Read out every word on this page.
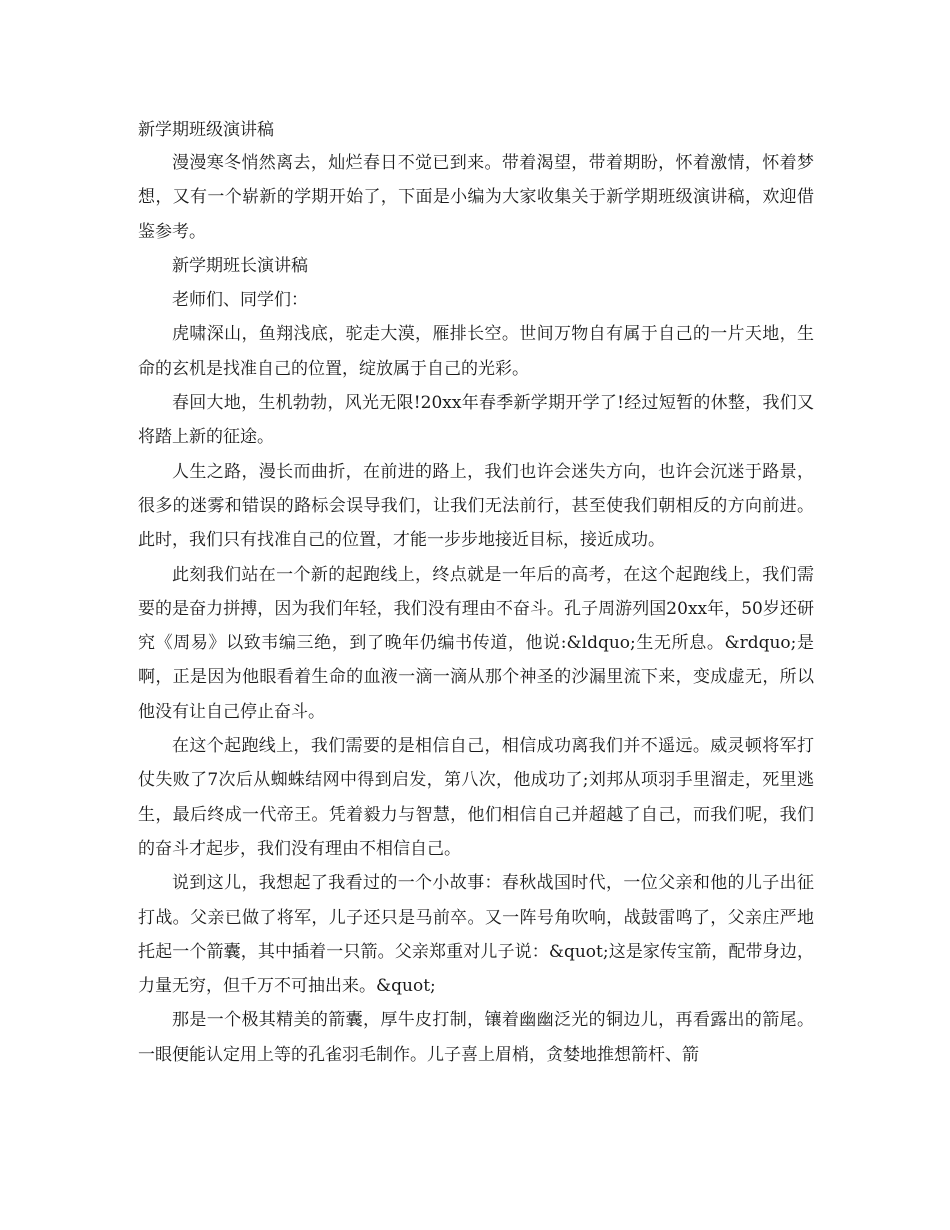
新学期班级演讲稿

漫漫寒冬悄然离去，灿烂春日不觉已到来。带着渴望，带着期盼，怀着激情，怀着梦想，又有一个崭新的学期开始了，下面是小编为大家收集关于新学期班级演讲稿，欢迎借鉴参考。

新学期班长演讲稿

老师们、同学们：

虎啸深山，鱼翔浅底，驼走大漠，雁排长空。世间万物自有属于自己的一片天地，生命的玄机是找准自己的位置，绽放属于自己的光彩。

春回大地，生机勃勃，风光无限!20xx年春季新学期开学了!经过短暂的休整，我们又将踏上新的征途。

人生之路，漫长而曲折，在前进的路上，我们也许会迷失方向，也许会沉迷于路景，很多的迷雾和错误的路标会误导我们，让我们无法前行，甚至使我们朝相反的方向前进。此时，我们只有找准自己的位置，才能一步步地接近目标，接近成功。

此刻我们站在一个新的起跑线上，终点就是一年后的高考，在这个起跑线上，我们需要的是奋力拼搏，因为我们年轻，我们没有理由不奋斗。孔子周游列国20xx年，50岁还研究《周易》以致韦编三绝，到了晚年仍编书传道，他说:&ldquo;生无所息。&rdquo;是啊，正是因为他眼看着生命的血液一滴一滴从那个神圣的沙漏里流下来，变成虚无，所以他没有让自己停止奋斗。

在这个起跑线上，我们需要的是相信自己，相信成功离我们并不遥远。威灵顿将军打仗失败了7次后从蜘蛛结网中得到启发，第八次，他成功了;刘邦从项羽手里溜走，死里逃生，最后终成一代帝王。凭着毅力与智慧，他们相信自己并超越了自己，而我们呢，我们的奋斗才起步，我们没有理由不相信自己。

说到这儿，我想起了我看过的一个小故事：春秋战国时代，一位父亲和他的儿子出征打战。父亲已做了将军，儿子还只是马前卒。又一阵号角吹响，战鼓雷鸣了，父亲庄严地托起一个箭囊，其中插着一只箭。父亲郑重对儿子说：&quot;这是家传宝箭，配带身边，力量无穷，但千万不可抽出来。&quot;

那是一个极其精美的箭囊，厚牛皮打制，镶着幽幽泛光的铜边儿，再看露出的箭尾。一眼便能认定用上等的孔雀羽毛制作。儿子喜上眉梢，贪婪地推想箭杆、箭
